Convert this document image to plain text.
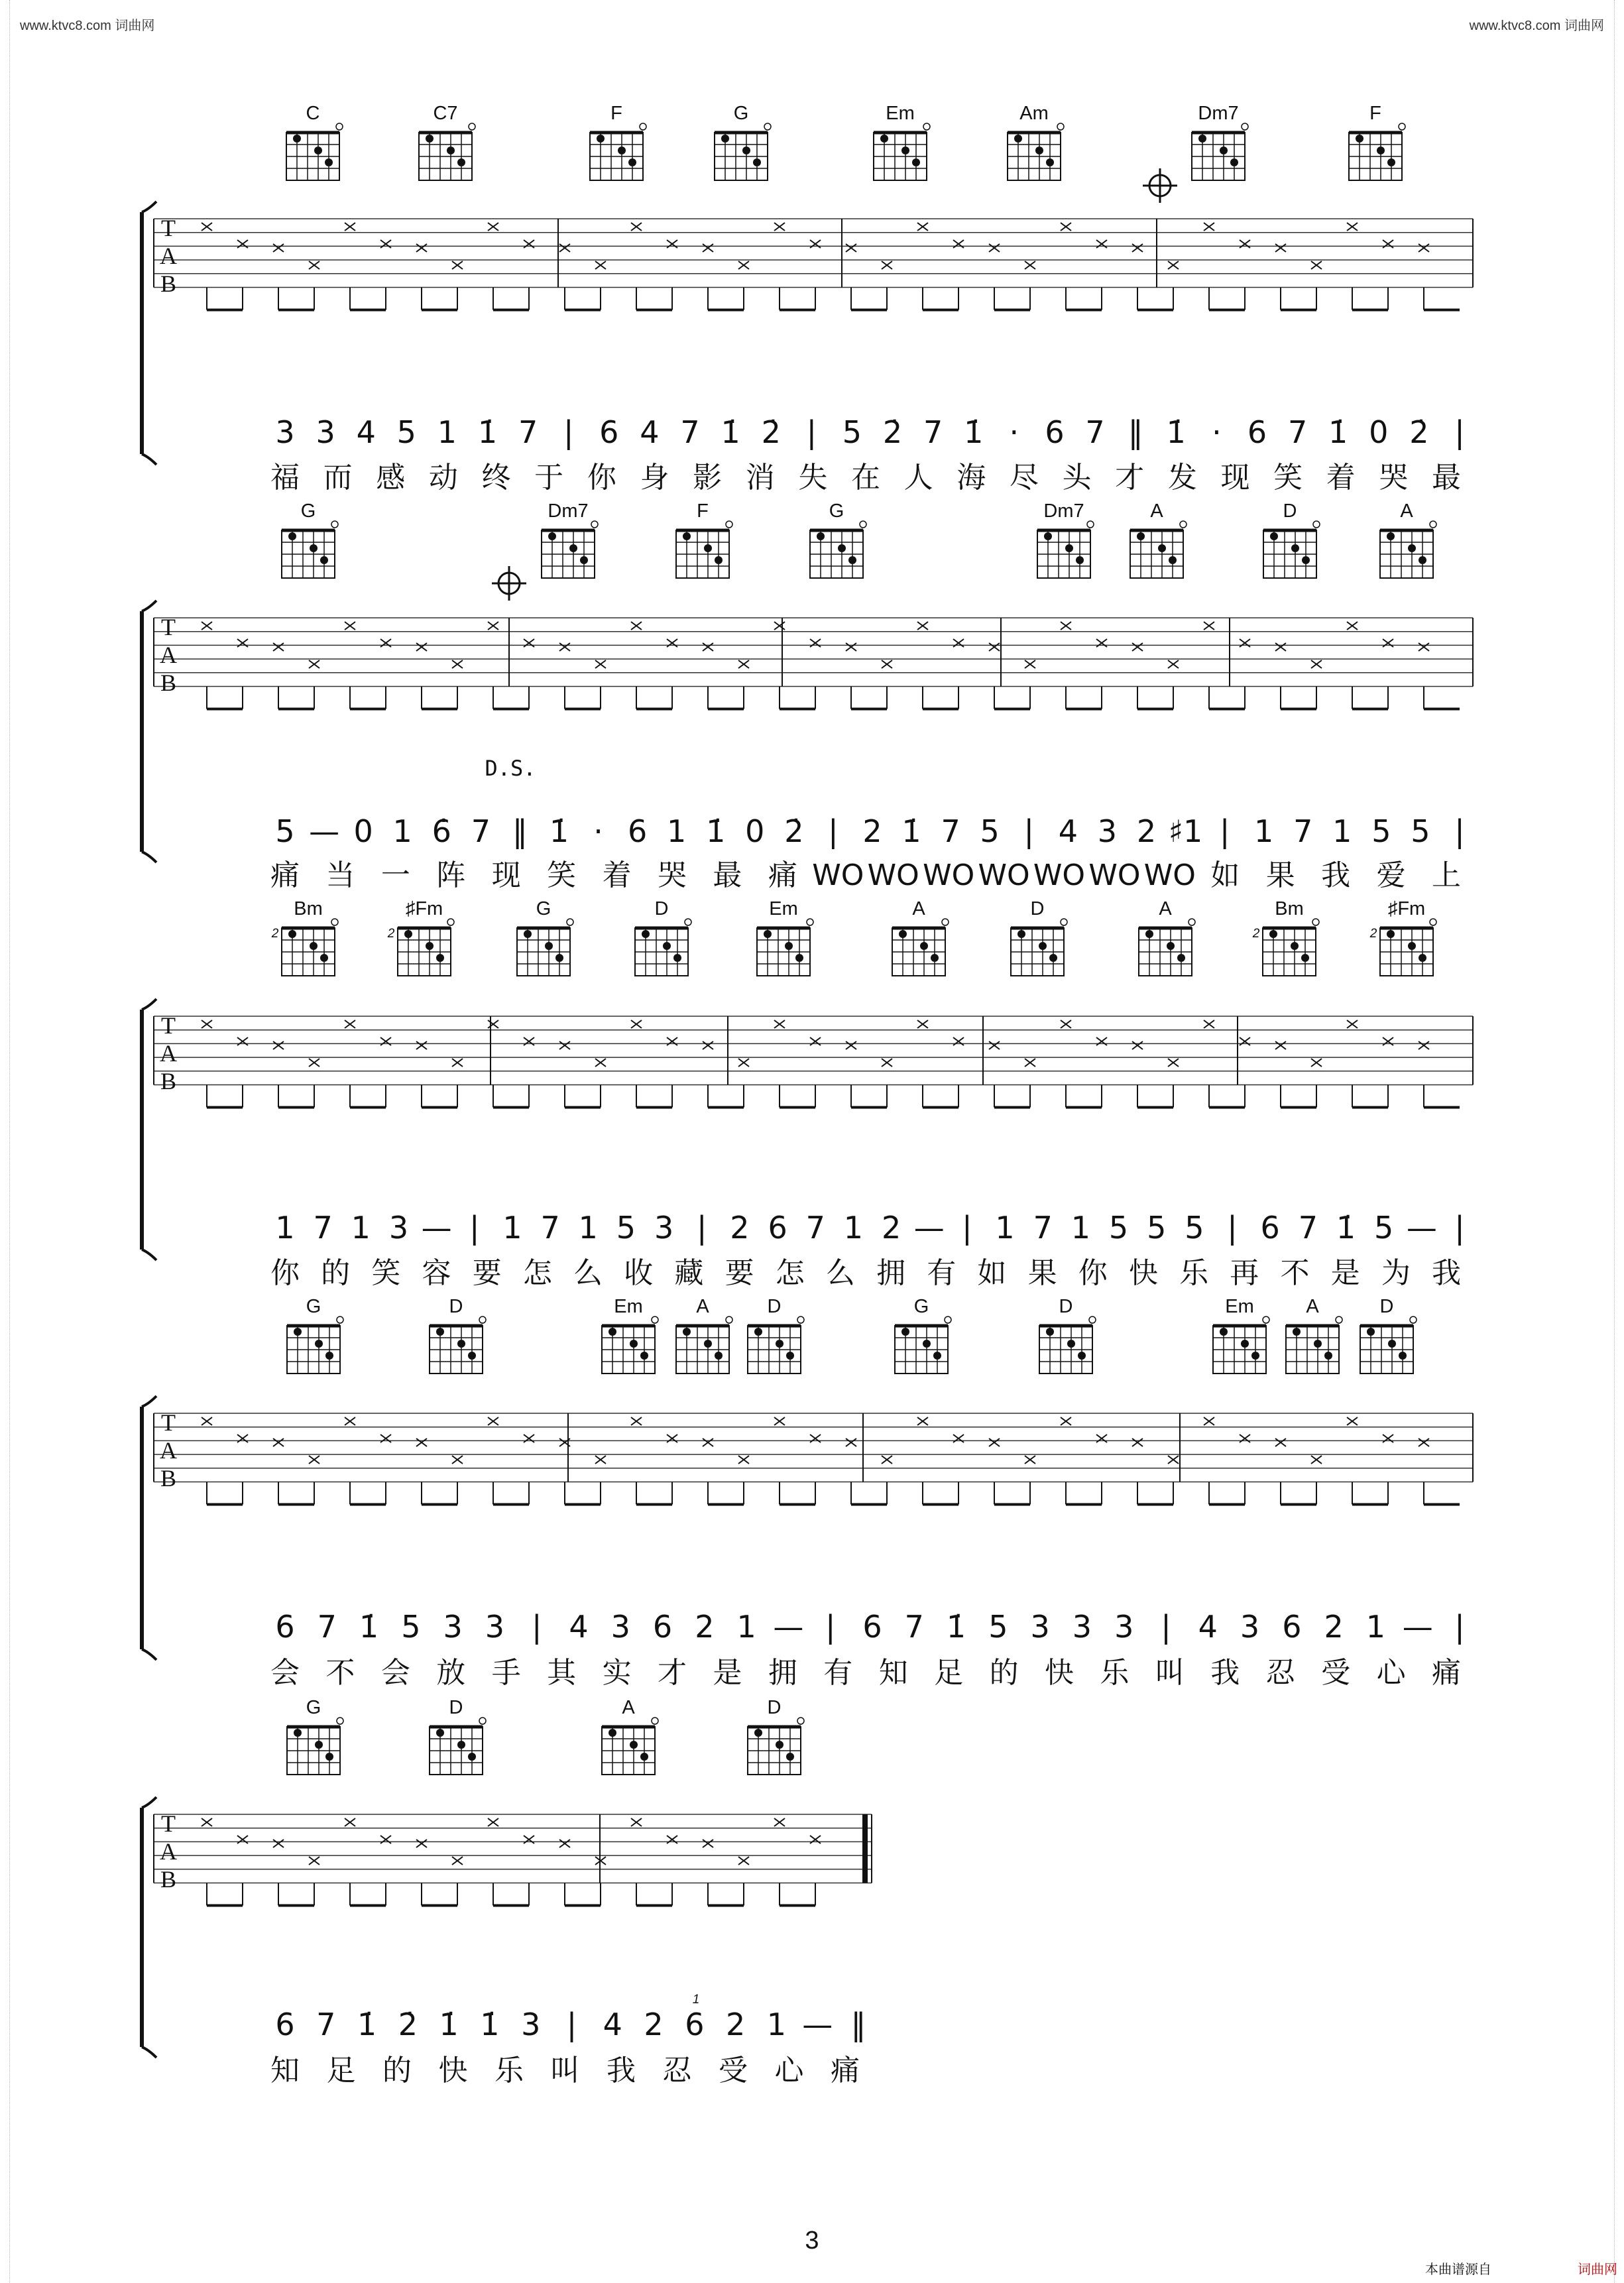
www.ktvc8.com 词曲网	www.ktvc8.com 词曲网
C	C7	F	G	Em	Am	Dm7	F
T
A
B
3 3 4 5 1 1̇ 7 | 6 4 7 1̇ 2̇ | 5 2̇ 7 1̇ · 6 7 ‖ 1̇ · 6 7 1̇ 0 2̇ |
福 而 感 动 终 于 你 身 影 消 失 在 人 海 尽 头 才 发 现 笑 着 哭 最
G	Dm7	F	G	Dm7	A	D	A
T
A
B
D.S.
5 — 0 1 6̇ 7 ‖ 1̇ · 6 1 1̇ 0 2̇ | 2 1̇ 7 5 | 4 3 2 ♯1 | 1 7 1 5 5 |
痛 当 一 阵 现 笑 着 哭 最 痛 WO WO WO WO WO WO WO 如 果 我 爱 上
Bm
2
♯Fm
2
G	D	Em	A	D	A	Bm
2
♯Fm
2
T
A
B
1 7 1 3 — | 1 7 1 5 3 | 2 6 7 1 2 — | 1 7 1 5 5 5 | 6 7 1̇ 5 — |
你 的 笑 容 要 怎 么 收 藏 要 怎 么 拥 有 如 果 你 快 乐 再 不 是 为 我
G	D	Em	A	D	G	D	Em	A	D
T
A
B
6 7 1̇ 5 3 3 | 4 3 6 2 1 — | 6 7 1̇ 5 3 3 3 | 4 3 6 2 1 — |
会 不 会 放 手 其 实 才 是 拥 有 知 足 的 快 乐 叫 我 忍 受 心 痛
G	D	A	D
T
A
B
6 7 1̇ 2̇ 1̇ 1̇ 3 | 4 2 6 2 1 — ‖
知 足 的 快 乐 叫 我 忍 受 心 痛
1
3
本曲谱源自	词曲网
